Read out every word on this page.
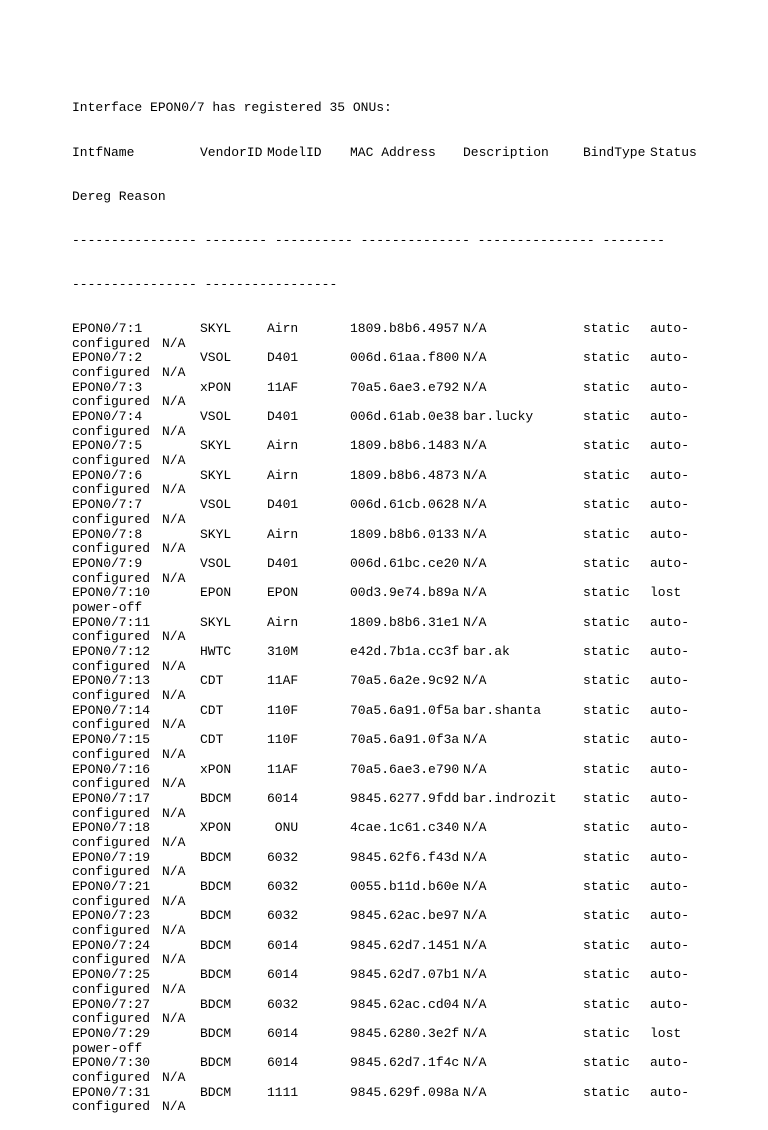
Interface EPON0/7 has registered 35 ONUs:

IntfName	VendorID ModelID MAC Address Description	BindType Status

Dereg Reason

---------------- -------- ---------- -------------- --------------- --------

---------------- -----------------

EPON0/7:1	SKYL	Airn	1809.b8b6.4957 N/A	static auto-
configured N/A
EPON0/7:2	VSOL	D401	006d.61aa.f800 N/A	static auto-
configured N/A
EPON0/7:3	xPON	11AF	70a5.6ae3.e792 N/A	static auto-
configured N/A
EPON0/7:4	VSOL	D401	006d.61ab.0e38 bar.lucky	static auto-
configured N/A
EPON0/7:5	SKYL	Airn	1809.b8b6.1483 N/A	static auto-
configured N/A
EPON0/7:6	SKYL	Airn	1809.b8b6.4873 N/A	static auto-
configured N/A
EPON0/7:7	VSOL	D401	006d.61cb.0628 N/A	static auto-
configured N/A
EPON0/7:8	SKYL	Airn	1809.b8b6.0133 N/A	static auto-
configured N/A
EPON0/7:9	VSOL	D401	006d.61bc.ce20 N/A	static auto-
configured N/A
EPON0/7:10	EPON	EPON	00d3.9e74.b89a N/A	static lost
power-off
EPON0/7:11	SKYL	Airn	1809.b8b6.31e1 N/A	static auto-
configured N/A
EPON0/7:12	HWTC	310M	e42d.7b1a.cc3f bar.ak	static auto-
configured N/A
EPON0/7:13	CDT	11AF	70a5.6a2e.9c92 N/A	static auto-
configured N/A
EPON0/7:14	CDT	110F	70a5.6a91.0f5a bar.shanta	static auto-
configured N/A
EPON0/7:15	CDT	110F	70a5.6a91.0f3a N/A	static auto-
configured N/A
EPON0/7:16	xPON	11AF	70a5.6ae3.e790 N/A	static auto-
configured N/A
EPON0/7:17	BDCM	6014	9845.6277.9fdd bar.indrozit static auto-
configured N/A
EPON0/7:18	XPON	ONU	4cae.1c61.c340 N/A	static auto-
configured N/A
EPON0/7:19	BDCM	6032	9845.62f6.f43d N/A	static auto-
configured N/A
EPON0/7:21	BDCM	6032	0055.b11d.b60e N/A	static auto-
configured N/A
EPON0/7:23	BDCM	6032	9845.62ac.be97 N/A	static auto-
configured N/A
EPON0/7:24	BDCM	6014	9845.62d7.1451 N/A	static auto-
configured N/A
EPON0/7:25	BDCM	6014	9845.62d7.07b1 N/A	static auto-
configured N/A
EPON0/7:27	BDCM	6032	9845.62ac.cd04 N/A	static auto-
configured N/A
EPON0/7:29	BDCM	6014	9845.6280.3e2f N/A	static lost
power-off
EPON0/7:30	BDCM	6014	9845.62d7.1f4c N/A	static auto-
configured N/A
EPON0/7:31	BDCM	1111	9845.629f.098a N/A	static auto-
configured N/A
